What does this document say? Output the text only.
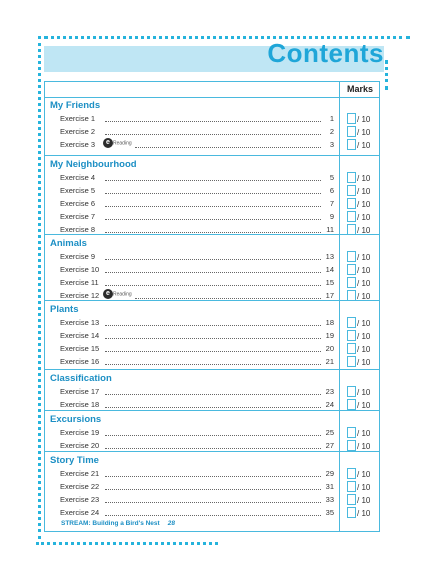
Contents
Marks
My Friends
Exercise 1	1	/ 10
Exercise 2	2	/ 10
Exercise 3	e Reading	3	/ 10
My Neighbourhood
Exercise 4	5	/ 10
Exercise 5	6	/ 10
Exercise 6	7	/ 10
Exercise 7	9	/ 10
Exercise 8	11	/ 10
Animals
Exercise 9	13	/ 10
Exercise 10	14	/ 10
Exercise 11	15	/ 10
Exercise 12 e Reading	17	/ 10
Plants
Exercise 13	18	/ 10
Exercise 14	19	/ 10
Exercise 15	20	/ 10
Exercise 16	21	/ 10
Classification
Exercise 17	23	/ 10
Exercise 18	24	/ 10
Excursions
Exercise 19	25	/ 10
Exercise 20	27	/ 10
Story Time
Exercise 21	29	/ 10
Exercise 22	31	/ 10
Exercise 23	33	/ 10
Exercise 24	35	/ 10
STREAM: Building a Bird's Nest 28
